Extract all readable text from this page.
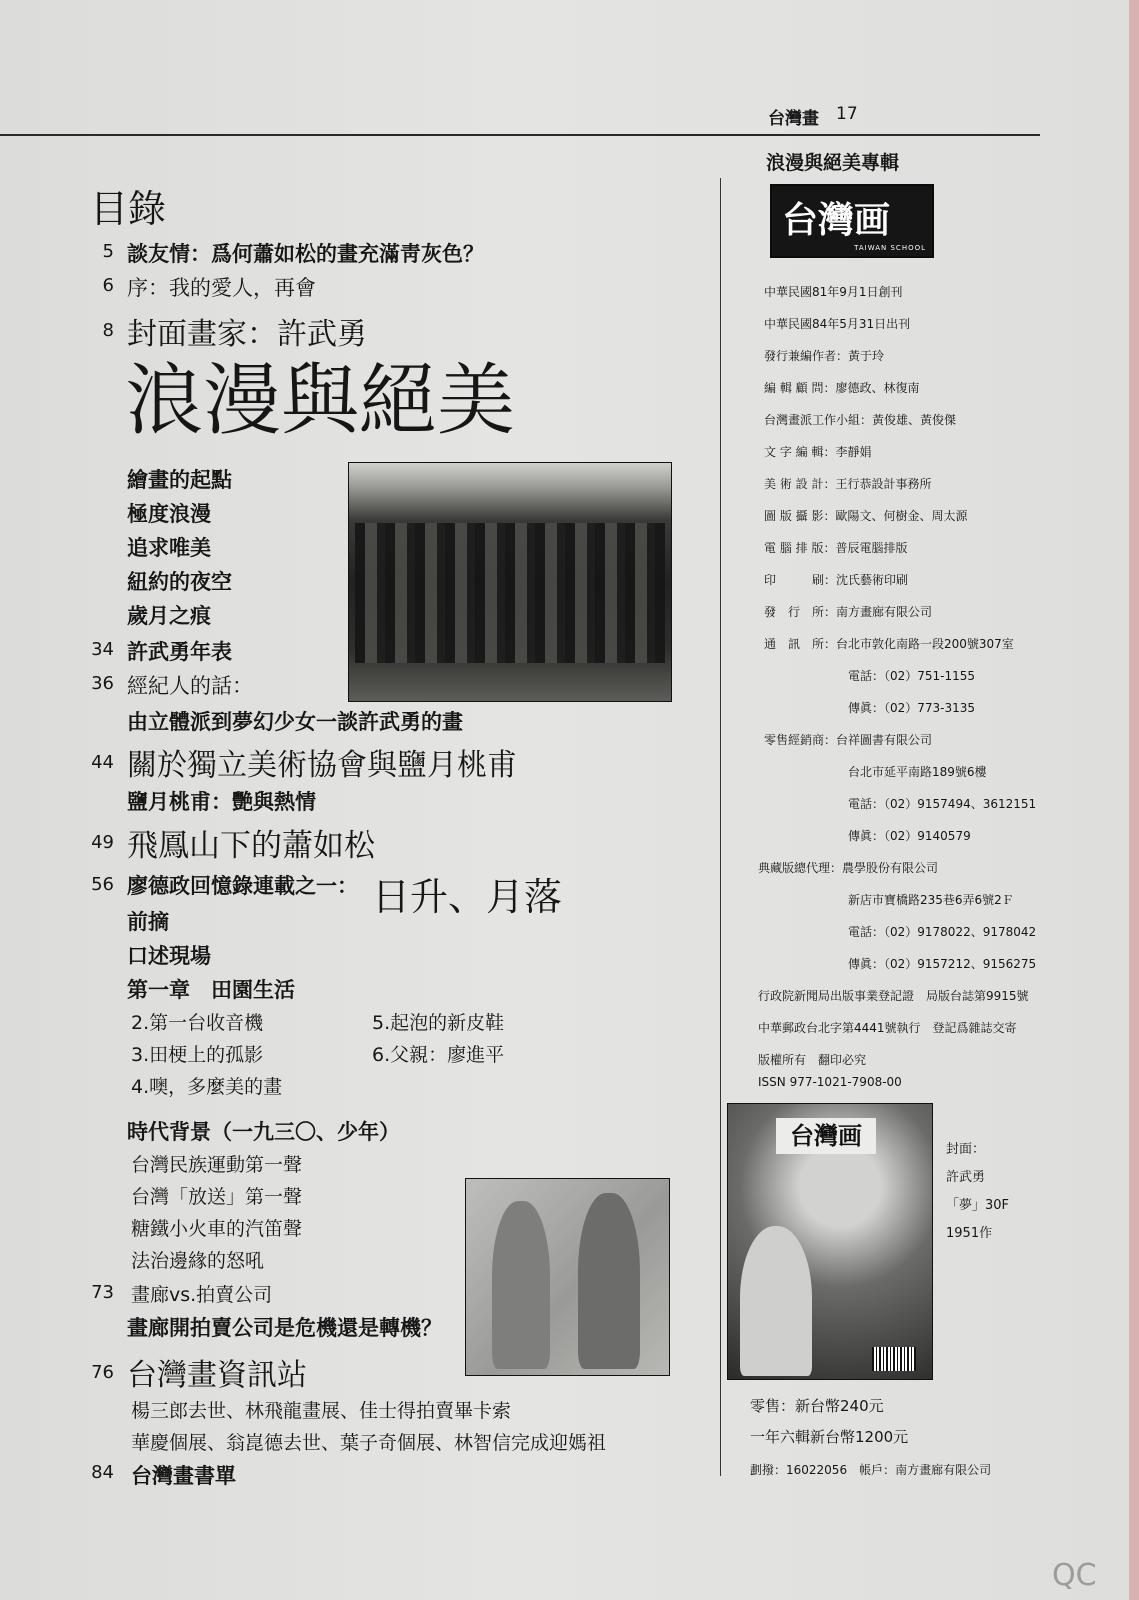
台灣畫 17
浪漫與絕美專輯
目錄
5 談友情：爲何蕭如松的畫充滿靑灰色？
6 序：我的愛人，再會
8 封面畫家：許武勇
浪漫與絕美
繪畫的起點
極度浪漫
追求唯美
紐約的夜空
歲月之痕
34 許武勇年表
36 經紀人的話：
由立體派到夢幻少女一談許武勇的畫
44 關於獨立美術協會與鹽月桃甫
鹽月桃甫：艷與熱情
49 飛鳳山下的蕭如松
56 廖德政回憶錄連載之一： 日升、月落
前摘
口述現場
第一章　田園生活
2.第一台收音機
3.田梗上的孤影
4.噢，多麼美的畫
5.起泡的新皮鞋
6.父親：廖進平
時代背景（一九三〇、少年）
台灣民族運動第一聲
台灣「放送」第一聲
糖鐵小火車的汽笛聲
法治邊緣的怒吼
73 畫廊vs.拍賣公司
畫廊開拍賣公司是危機還是轉機？
76 台灣畫資訊站
楊三郎去世、林飛龍畫展、佳士得拍賣畢卡索
華慶個展、翁崑德去世、葉子奇個展、林智信完成迎媽祖
84 台灣畫書單
台灣画
TAIWAN SCHOOL
中華民國81年9月1日創刊
中華民國84年5月31日出刊
發行兼編作者：黃于玲
編 輯 顧 問：廖德政、林復南
台灣畫派工作小組：黃俊雄、黃俊傑
文 字 編 輯：李靜娟
美 術 設 計：王行恭設計事務所
圖 版 攝 影：歐陽文、何樹金、周太源
電 腦 排 版：普辰電腦排版
印　　　刷：沈氏藝術印刷
發　行　所：南方畫廊有限公司
通　訊　所：台北市敦化南路一段200號307室
電話：（02）751-1155
傳眞：（02）773-3135
零售經銷商：台祥圖書有限公司
台北市延平南路189號6樓
電話：（02）9157494、3612151
傳眞：（02）9140579
典藏版總代理：農學股份有限公司
新店市寶橋路235巷6弄6號2Ｆ
電話：（02）9178022、9178042
傳眞：（02）9157212、9156275
行政院新聞局出版事業登記證　局版台誌第9915號
中華郵政台北字第4441號執行　登記爲雜誌交寄
版權所有　翻印必究
ISSN 977-1021-7908-00
台灣画	封面：
許武勇
「夢」30F
1951作
零售：新台幣240元
一年六輯新台幣1200元
劃撥：16022056　帳戶：南方畫廊有限公司
QC
